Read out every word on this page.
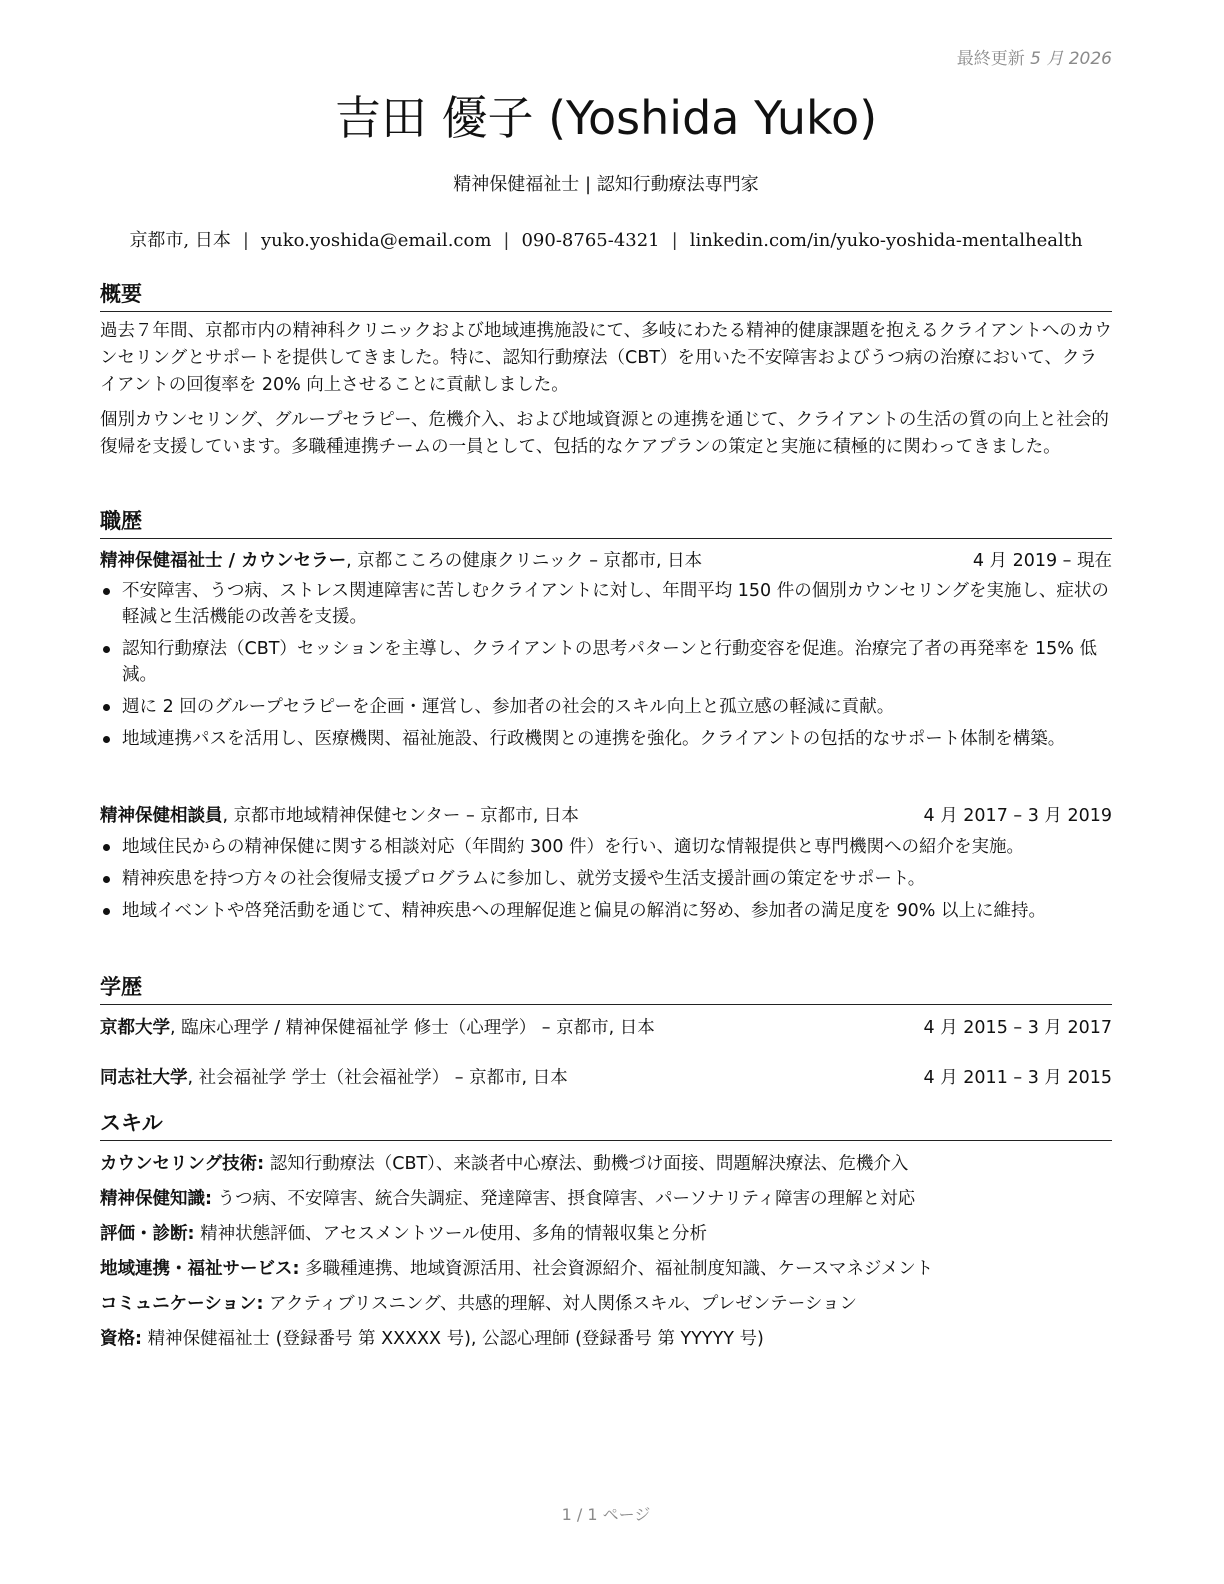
最終更新 5 月 2026
吉田 優子 (Yoshida Yuko)
精神保健福祉士 | 認知行動療法専門家
京都市, 日本 | yuko.yoshida@email.com | 090-8765-4321 | linkedin.com/in/yuko-yoshida-mentalhealth
概要

過去７年間、京都市内の精神科クリニックおよび地域連携施設にて、多岐にわたる精神的健康課題を抱えるクライアントへのカウンセリングとサポートを提供してきました。特に、認知行動療法（CBT）を用いた不安障害およびうつ病の治療において、クライアントの回復率を 20% 向上させることに貢献しました。

個別カウンセリング、グループセラピー、危機介入、および地域資源との連携を通じて、クライアントの生活の質の向上と社会的復帰を支援しています。多職種連携チームの一員として、包括的なケアプランの策定と実施に積極的に関わってきました。

職歴
精神保健福祉士 / カウンセラー, 京都こころの健康クリニック – 京都市, 日本	4 月 2019 – 現在
不安障害、うつ病、ストレス関連障害に苦しむクライアントに対し、年間平均 150 件の個別カウンセリングを実施し、症状の軽減と生活機能の改善を支援。
認知行動療法（CBT）セッションを主導し、クライアントの思考パターンと行動変容を促進。治療完了者の再発率を 15% 低減。
週に 2 回のグループセラピーを企画・運営し、参加者の社会的スキル向上と孤立感の軽減に貢献。
地域連携パスを活用し、医療機関、福祉施設、行政機関との連携を強化。クライアントの包括的なサポート体制を構築。
精神保健相談員, 京都市地域精神保健センター – 京都市, 日本	4 月 2017 – 3 月 2019
地域住民からの精神保健に関する相談対応（年間約 300 件）を行い、適切な情報提供と専門機関への紹介を実施。
精神疾患を持つ方々の社会復帰支援プログラムに参加し、就労支援や生活支援計画の策定をサポート。
地域イベントや啓発活動を通じて、精神疾患への理解促進と偏見の解消に努め、参加者の満足度を 90% 以上に維持。
学歴
京都大学, 臨床心理学 / 精神保健福祉学 修士（心理学） – 京都市, 日本	4 月 2015 – 3 月 2017
同志社大学, 社会福祉学 学士（社会福祉学） – 京都市, 日本	4 月 2011 – 3 月 2015
スキル
カウンセリング技術: 認知行動療法（CBT）、来談者中心療法、動機づけ面接、問題解決療法、危機介入
精神保健知識: うつ病、不安障害、統合失調症、発達障害、摂食障害、パーソナリティ障害の理解と対応
評価・診断: 精神状態評価、アセスメントツール使用、多角的情報収集と分析
地域連携・福祉サービス: 多職種連携、地域資源活用、社会資源紹介、福祉制度知識、ケースマネジメント
コミュニケーション: アクティブリスニング、共感的理解、対人関係スキル、プレゼンテーション
資格: 精神保健福祉士 (登録番号 第 XXXXX 号), 公認心理師 (登録番号 第 YYYYY 号)
1 / 1 ページ
